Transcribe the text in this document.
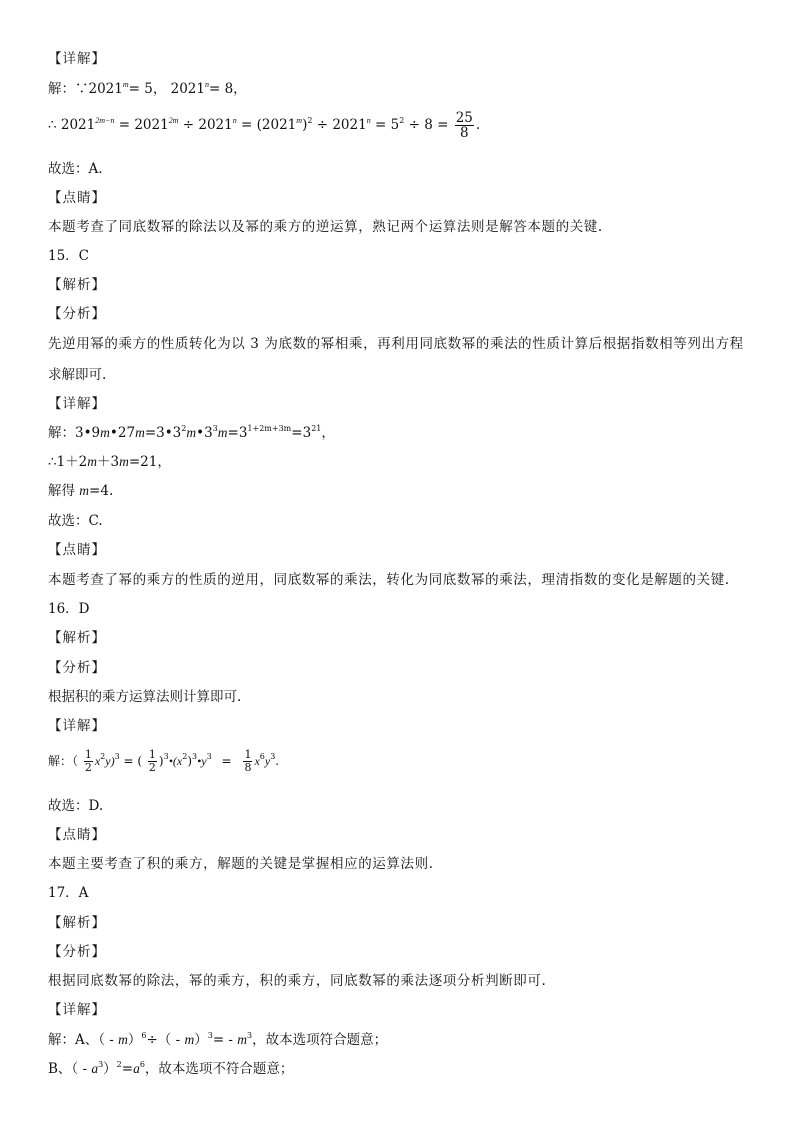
【详解】
解：$\because 2021^m= 5$， $2021^n= 8$，
∴ $2021^{2m-n} = 2021^{2m} \div 2021^n = (2021^m)^2 \div 2021^n = 5^2 \div 8 = \frac{25}{8}$ .
故选：A.
【点睛】
本题考查了同底数幂的除法以及幂的乘方的逆运算，熟记两个运算法则是解答本题的关键.
15．C
【解析】
【分析】
先逆用幂的乘方的性质转化为以 3 为底数的幂相乘，再利用同底数幂的乘法的性质计算后根据指数相等列出方程
求解即可.
【详解】
解：$3•9m•27m=3•3^2m•3^3m=3^{1+2m+3m}=3^{21}$，
∴1＋2m＋3m=21，
解得 m=4.
故选：C.
【点睛】
本题考查了幂的乘方的性质的逆用，同底数幂的乘法，转化为同底数幂的乘法，理清指数的变化是解题的关键.
16．D
【解析】
【分析】
根据积的乘方运算法则计算即可.
【详解】
解：（ $\frac{1}{2} x^2y)^3$ = ( $\frac{1}{2}$ )$^3•(x^2)^3•y^3 = \frac{1}{8} x^6y^3$.
故选：D.
【点睛】
本题主要考查了积的乘方，解题的关键是掌握相应的运算法则.
17．A
【解析】
【分析】
根据同底数幂的除法，幂的乘方，积的乘方，同底数幂的乘法逐项分析判断即可.
【详解】
解：A、（ - $m)^6\div( - m)^3= - m^3$，故本选项符合题意；
B、（ - $a^3)^2=a^6$，故本选项不符合题意；
